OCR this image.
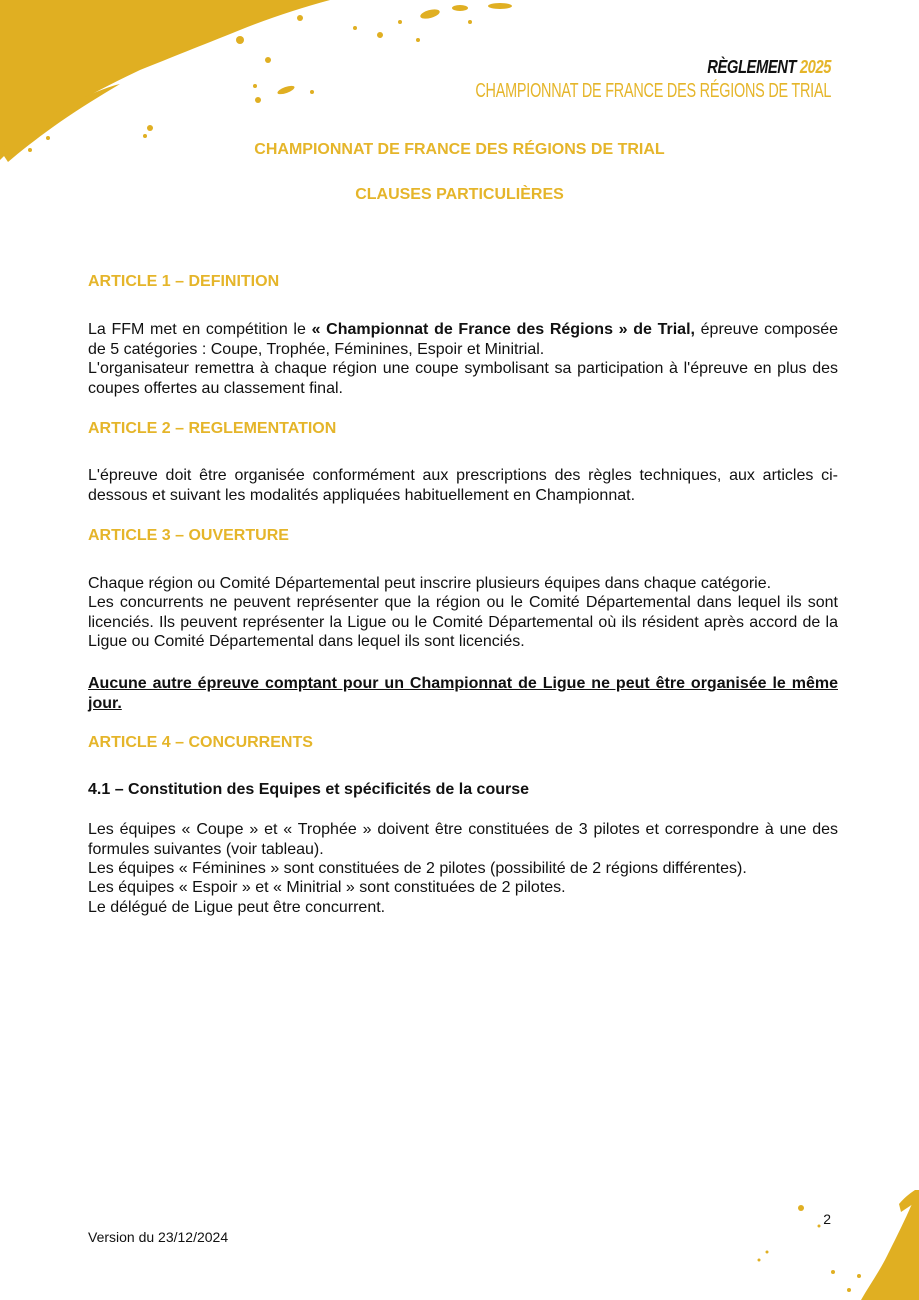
RÈGLEMENT 2025
CHAMPIONNAT DE FRANCE DES RÉGIONS DE TRIAL
CHAMPIONNAT DE FRANCE DES RÉGIONS DE TRIAL
CLAUSES PARTICULIÈRES
ARTICLE 1 – DEFINITION
La FFM met en compétition le « Championnat de France des Régions » de Trial, épreuve composée de 5 catégories : Coupe, Trophée, Féminines, Espoir et Minitrial.
L'organisateur remettra à chaque région une coupe symbolisant sa participation à l'épreuve en plus des coupes offertes au classement final.
ARTICLE 2 – REGLEMENTATION
L'épreuve doit être organisée conformément aux prescriptions des règles techniques, aux articles ci-dessous et suivant les modalités appliquées habituellement en Championnat.
ARTICLE 3 – OUVERTURE
Chaque région ou Comité Départemental peut inscrire plusieurs équipes dans chaque catégorie.
Les concurrents ne peuvent représenter que la région ou le Comité Départemental dans lequel ils sont licenciés. Ils peuvent représenter la Ligue ou le Comité Départemental où ils résident après accord de la Ligue ou Comité Départemental dans lequel ils sont licenciés.
Aucune autre épreuve comptant pour un Championnat de Ligue ne peut être organisée le même jour.
ARTICLE 4 – CONCURRENTS
4.1 – Constitution des Equipes et spécificités de la course
Les équipes « Coupe » et « Trophée » doivent être constituées de 3 pilotes et correspondre à une des formules suivantes (voir tableau).
Les équipes « Féminines » sont constituées de 2 pilotes (possibilité de 2 régions différentes).
Les équipes « Espoir » et « Minitrial » sont constituées de 2 pilotes.
Le délégué de Ligue peut être concurrent.
Version du 23/12/2024
2
